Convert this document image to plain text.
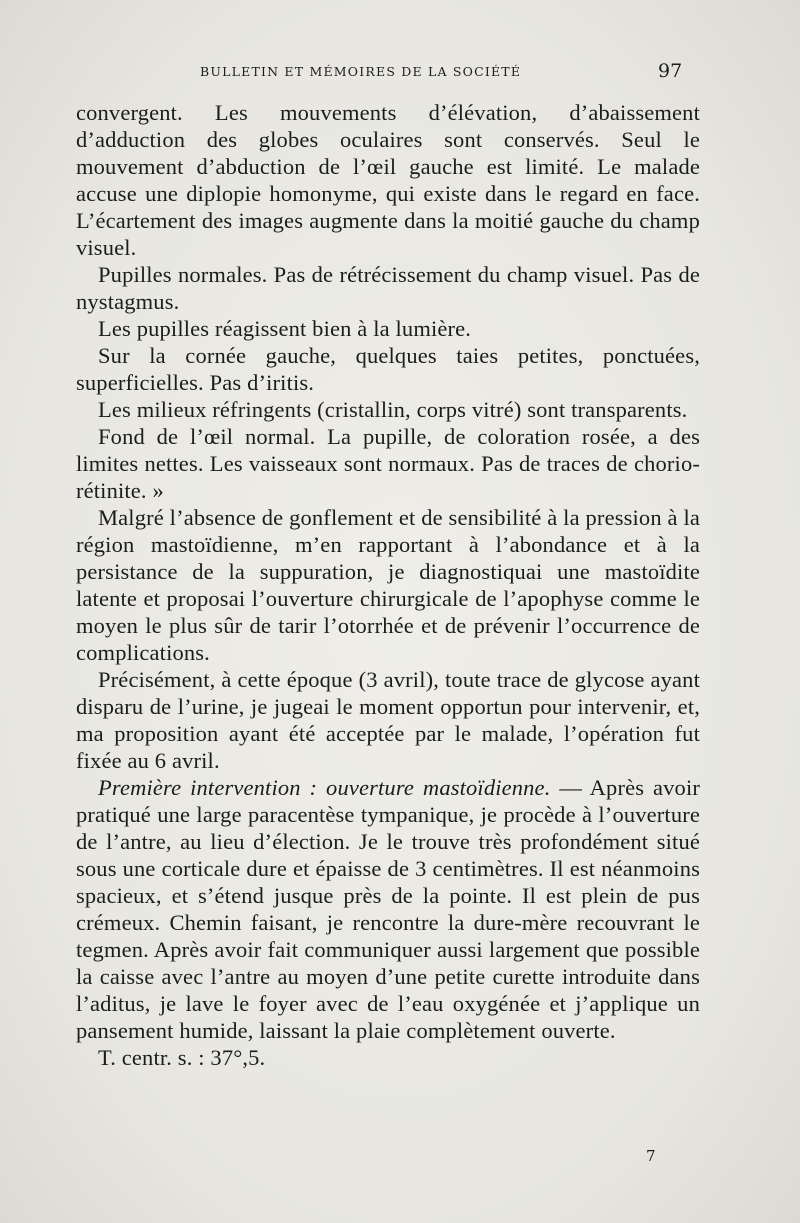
BULLETIN ET MÉMOIRES DE LA SOCIÉTÉ	97

convergent. Les mouvements d’élévation, d’abaissement d’adduction des globes oculaires sont conservés. Seul le mouvement d’abduction de l’œil gauche est limité. Le malade accuse une diplopie homonyme, qui existe dans le regard en face. L’écartement des images augmente dans la moitié gauche du champ visuel.

Pupilles normales. Pas de rétrécissement du champ visuel. Pas de nystagmus.

Les pupilles réagissent bien à la lumière.

Sur la cornée gauche, quelques taies petites, ponctuées, superficielles. Pas d’iritis.

Les milieux réfringents (cristallin, corps vitré) sont transparents.

Fond de l’œil normal. La pupille, de coloration rosée, a des limites nettes. Les vaisseaux sont normaux. Pas de traces de chorio-rétinite. »

Malgré l’absence de gonflement et de sensibilité à la pression à la région mastoïdienne, m’en rapportant à l’abondance et à la persistance de la suppuration, je diagnostiquai une mastoïdite latente et proposai l’ouverture chirurgicale de l’apophyse comme le moyen le plus sûr de tarir l’otorrhée et de prévenir l’occurrence de complications.

Précisément, à cette époque (3 avril), toute trace de glycose ayant disparu de l’urine, je jugeai le moment opportun pour intervenir, et, ma proposition ayant été acceptée par le malade, l’opération fut fixée au 6 avril.

Première intervention : ouverture mastoïdienne. — Après avoir pratiqué une large paracentèse tympanique, je procède à l’ouverture de l’antre, au lieu d’élection. Je le trouve très profondément situé sous une corticale dure et épaisse de 3 centimètres. Il est néanmoins spacieux, et s’étend jusque près de la pointe. Il est plein de pus crémeux. Chemin faisant, je rencontre la dure-mère recouvrant le tegmen. Après avoir fait communiquer aussi largement que possible la caisse avec l’antre au moyen d’une petite curette introduite dans l’aditus, je lave le foyer avec de l’eau oxygénée et j’applique un pansement humide, laissant la plaie complètement ouverte.

T. centr. s. : 37°,5.

7
